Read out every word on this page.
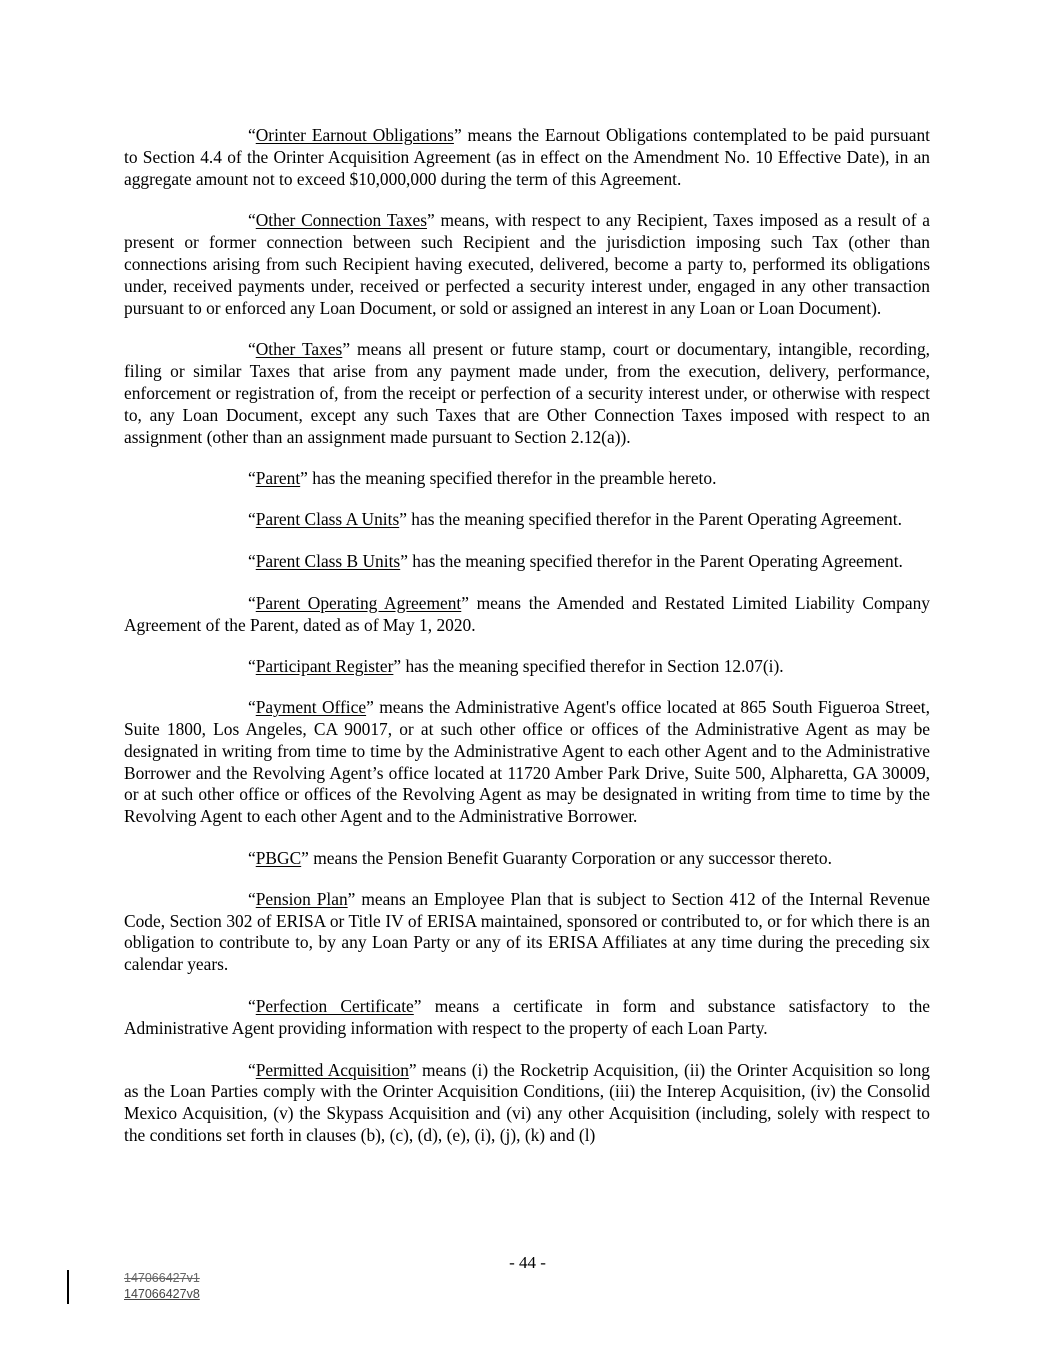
“Orinter Earnout Obligations” means the Earnout Obligations contemplated to be paid pursuant to Section 4.4 of the Orinter Acquisition Agreement (as in effect on the Amendment No. 10 Effective Date), in an aggregate amount not to exceed $10,000,000 during the term of this Agreement.

“Other Connection Taxes” means, with respect to any Recipient, Taxes imposed as a result of a present or former connection between such Recipient and the jurisdiction imposing such Tax (other than connections arising from such Recipient having executed, delivered, become a party to, performed its obligations under, received payments under, received or perfected a security interest under, engaged in any other transaction pursuant to or enforced any Loan Document, or sold or assigned an interest in any Loan or Loan Document).

“Other Taxes” means all present or future stamp, court or documentary, intangible, recording, filing or similar Taxes that arise from any payment made under, from the execution, delivery, performance, enforcement or registration of, from the receipt or perfection of a security interest under, or otherwise with respect to, any Loan Document, except any such Taxes that are Other Connection Taxes imposed with respect to an assignment (other than an assignment made pursuant to Section 2.12(a)).

“Parent” has the meaning specified therefor in the preamble hereto.

“Parent Class A Units” has the meaning specified therefor in the Parent Operating Agreement.

“Parent Class B Units” has the meaning specified therefor in the Parent Operating Agreement.

“Parent Operating Agreement” means the Amended and Restated Limited Liability Company Agreement of the Parent, dated as of May 1, 2020.

“Participant Register” has the meaning specified therefor in Section 12.07(i).

“Payment Office” means the Administrative Agent's office located at 865 South Figueroa Street, Suite 1800, Los Angeles, CA 90017, or at such other office or offices of the Administrative Agent as may be designated in writing from time to time by the Administrative Agent to each other Agent and to the Administrative Borrower and the Revolving Agent’s office located at 11720 Amber Park Drive, Suite 500, Alpharetta, GA 30009, or at such other office or offices of the Revolving Agent as may be designated in writing from time to time by the Revolving Agent to each other Agent and to the Administrative Borrower.

“PBGC” means the Pension Benefit Guaranty Corporation or any successor thereto.

“Pension Plan” means an Employee Plan that is subject to Section 412 of the Internal Revenue Code, Section 302 of ERISA or Title IV of ERISA maintained, sponsored or contributed to, or for which there is an obligation to contribute to, by any Loan Party or any of its ERISA Affiliates at any time during the preceding six calendar years.

“Perfection Certificate” means a certificate in form and substance satisfactory to the Administrative Agent providing information with respect to the property of each Loan Party.

“Permitted Acquisition” means (i) the Rocketrip Acquisition, (ii) the Orinter Acquisition so long as the Loan Parties comply with the Orinter Acquisition Conditions, (iii) the Interep Acquisition, (iv) the Consolid Mexico Acquisition, (v) the Skypass Acquisition and (vi) any other Acquisition (including, solely with respect to the conditions set forth in clauses (b), (c), (d), (e), (i), (j), (k) and (l)

- 44 -
147066427v1
147066427v8
